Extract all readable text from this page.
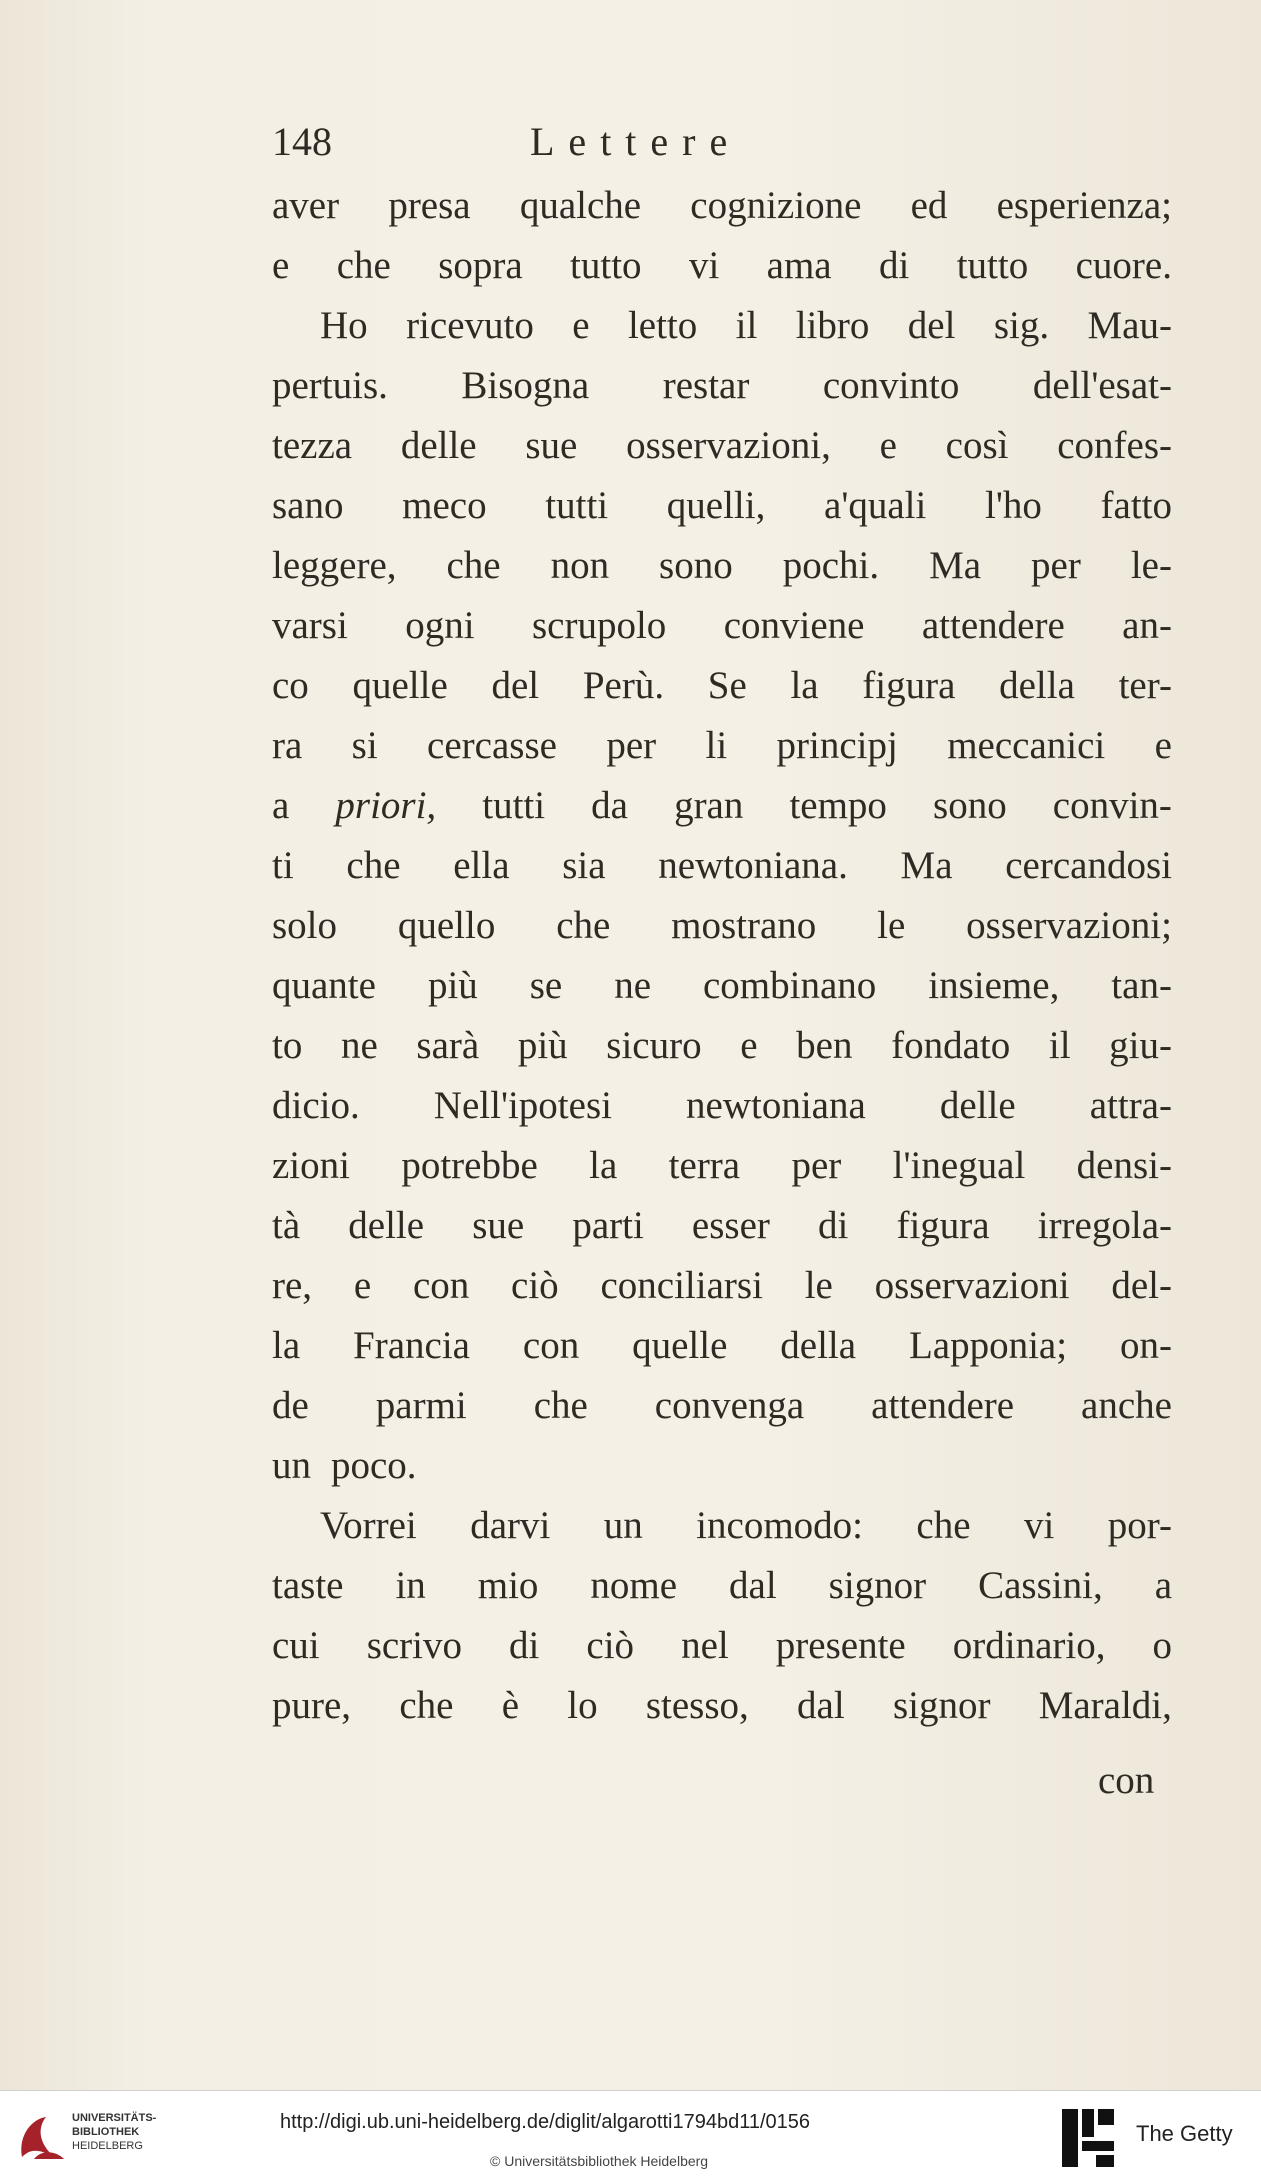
148	Lettere
aver presa qualche cognizione ed esperienza;
e che sopra tutto vi ama di tutto cuore.
Ho ricevuto e letto il libro del sig. Mau-
pertuis. Bisogna restar convinto dell'esat-
tezza delle sue osservazioni, e così confes-
sano meco tutti quelli, a'quali l'ho fatto
leggere, che non sono pochi. Ma per le-
varsi ogni scrupolo conviene attendere an-
co quelle del Perù. Se la figura della ter-
ra si cercasse per li principj meccanici e
a priori, tutti da gran tempo sono convin-
ti che ella sia newtoniana. Ma cercandosi
solo quello che mostrano le osservazioni;
quante più se ne combinano insieme, tan-
to ne sarà più sicuro e ben fondato il giu-
dicio. Nell'ipotesi newtoniana delle attra-
zioni potrebbe la terra per l'inegual densi-
tà delle sue parti esser di figura irregola-
re, e con ciò conciliarsi le osservazioni del-
la Francia con quelle della Lapponia; on-
de parmi che convenga attendere anche
un poco.
Vorrei darvi un incomodo: che vi por-
taste in mio nome dal signor Cassini, a
cui scrivo di ciò nel presente ordinario, o
pure, che è lo stesso, dal signor Maraldi,
con
UNIVERSITÄTS-
BIBLIOTHEK
HEIDELBERG
http://digi.ub.uni-heidelberg.de/diglit/algarotti1794bd11/0156
© Universitätsbibliothek Heidelberg
The Getty
